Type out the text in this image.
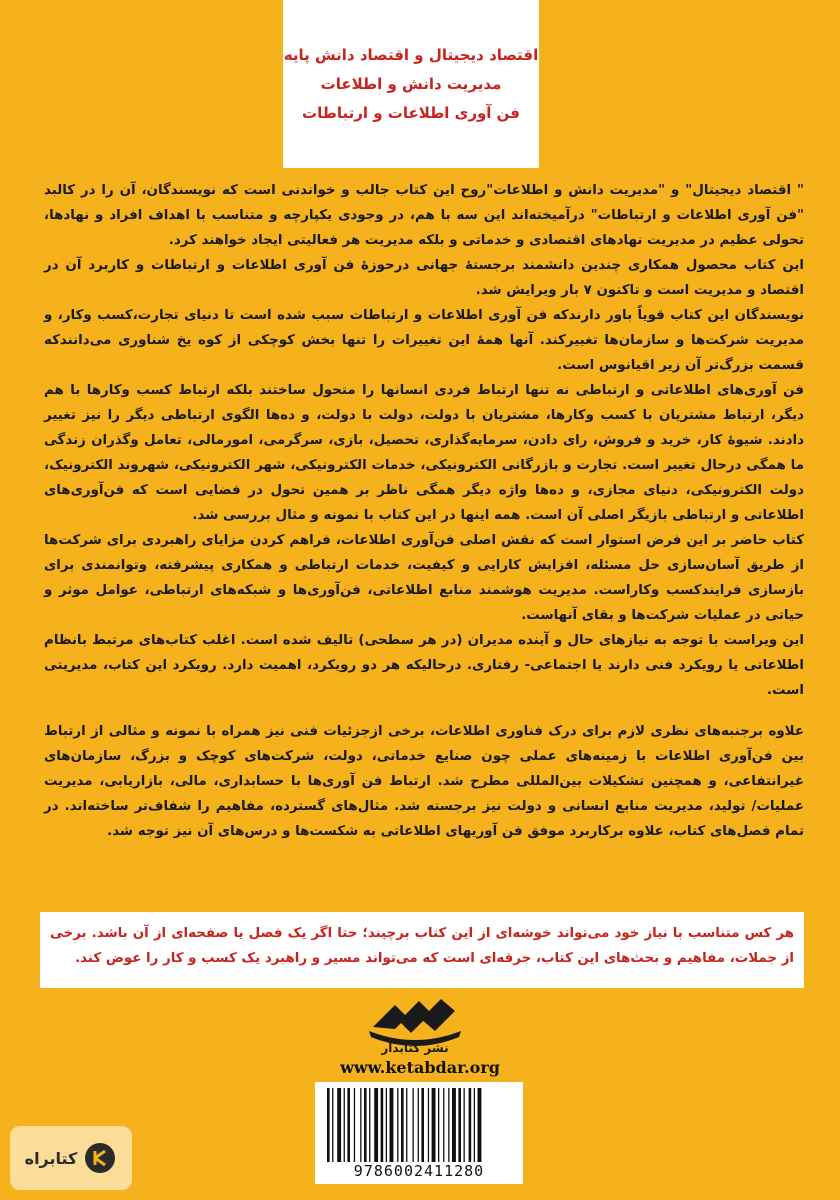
اقتصاد دیجیتال و اقتصاد دانش پایه
مدیریت دانش و اطلاعات
فن آوری اطلاعات و ارتباطات

" اقتصاد دیجیتال" و "مدیریت دانش و اطلاعات"روح این کتاب جالب و خواندنی است که نویسندگان، آن را در کالبد "فن آوری اطلاعات و ارتباطات" درآمیخته‌اند این سه با هم، در وجودی یکپارچه و متناسب با اهداف افراد و نهادها، تحولی عظیم در مدیریت نهادهای اقتصادی و خدماتی و بلکه مدیریت هر فعالیتی ایجاد خواهند کرد.

این کتاب محصول همکاری چندین دانشمند برجستهٔ جهانی درحوزهٔ فن آوری اطلاعات و ارتباطات و کاربرد آن در اقتصاد و مدیریت است و تاکنون ۷ بار ویرایش شد.

نویسندگان این کتاب قویاً باور دارندکه فن آوری اطلاعات و ارتباطات سبب شده است تا دنیای تجارت،کسب وکار، و مدیریت شرکت‌ها و سازمان‌ها تغییرکند. آنها همهٔ این تغییرات را تنها بخش کوچکی از کوه یخ شناوری می‌دانندکه قسمت بزرگ‌تر آن زیر اقیانوس است.

فن آوری‌های اطلاعاتی و ارتباطی نه تنها ارتباط فردی انسانها را متحول ساختند بلکه ارتباط کسب وکارها با هم دیگر، ارتباط مشتریان با کسب وکارها، مشتریان با دولت، دولت با دولت، و ده‌ها الگوی ارتباطی دیگر را نیز تغییر دادند. شیوهٔ کار، خرید و فروش، رای دادن، سرمایه‌گذاری، تحصیل، بازی، سرگرمی، امورمالی، تعامل وگذران زندگی ما همگی درحال تغییر است. تجارت و بازرگانی الکترونیکی، خدمات الکترونیکی، شهر الکترونیکی، شهروند الکترونیک، دولت الکترونیکی، دنیای مجازی، و ده‌ها واژه دیگر همگی ناظر بر همین تحول در فضایی است که فن‌آوری‌های اطلاعاتی و ارتباطی بازیگر اصلی آن است. همه اینها در این کتاب با نمونه و مثال بررسی شد.

کتاب حاضر بر این فرض استوار است که نقش اصلی فن‌آوری اطلاعات، فراهم کردن مزایای راهبردی برای شرکت‌ها از طریق آسان‌سازی حل مسئله، افزایش کارایی و کیفیت، خدمات ارتباطی و همکاری پیشرفته، وتوانمندی برای بازسازی فرایندکسب وکاراست. مدیریت هوشمند منابع اطلاعاتی، فن‌آوری‌ها و شبکه‌های ارتباطی، عوامل موثر و حیاتی در عملیات شرکت‌ها و بقای آنهاست.

این ویراست با توجه به نیازهای حال و آینده مدیران (در هر سطحی) تالیف شده است. اغلب کتاب‌های مرتبط بانظام اطلاعاتی یا رویکرد فنی دارند یا اجتماعی- رفتاری. درحالیکه هر دو رویکرد، اهمیت دارد. رویکرد این کتاب، مدیریتی است.

علاوه برجنبه‌های نظری لازم برای درک فناوری اطلاعات، برخی ازجزئیات فنی نیز همراه با نمونه و مثالی از ارتباط بین فن‌آوری اطلاعات با زمینه‌های عملی چون صنایع خدماتی، دولت، شرکت‌های کوچک و بزرگ، سازمان‌های غیرانتفاعی، و همچنین تشکیلات بین‌المللی مطرح شد. ارتباط فن آوری‌ها با حسابداری، مالی، بازاریابی، مدیریت عملیات/ تولید، مدیریت منابع انسانی و دولت نیز برجسته شد. مثال‌های گسترده، مفاهیم را شفاف‌تر ساخته‌اند. در تمام فصل‌های کتاب، علاوه برکاربرد موفق فن آوریهای اطلاعاتی به شکست‌ها و درس‌های آن نیز توجه شد.

هر کس متناسب با نیاز خود می‌تواند خوشه‌ای از این کتاب برچیند؛ حتا اگر یک فصل یا صفحه‌ای از آن باشد. برخی از جملات، مفاهیم و بحث‌های این کتاب، جرقه‌ای است که می‌تواند مسیر و راهبرد یک کسب و کار را عوض کند.

نشر کتابدار
www.ketabdar.org
9786002411280
کتابراه
